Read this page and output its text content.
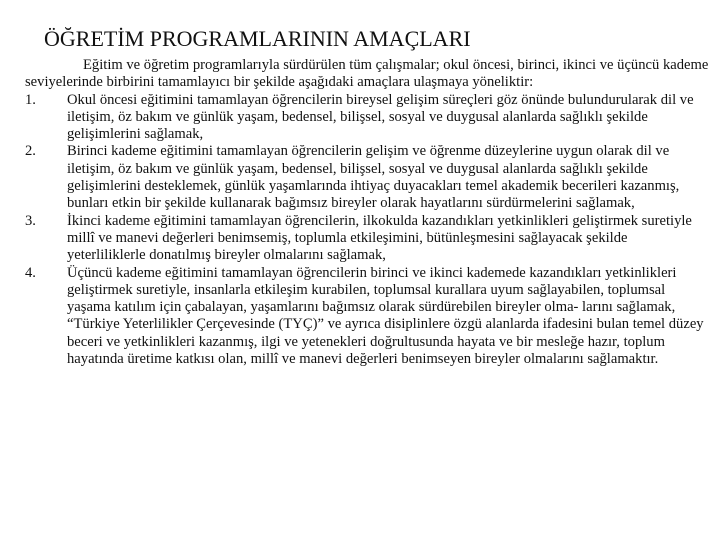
ÖĞRETİM PROGRAMLARININ AMAÇLARI

Eğitim ve öğretim programlarıyla sürdürülen tüm çalışmalar; okul öncesi, birinci, ikinci ve üçüncü kademe seviyelerinde birbirini tamamlayıcı bir şekilde aşağıdaki amaçlara ulaşmaya yöneliktir:

1. Okul öncesi eğitimini tamamlayan öğrencilerin bireysel gelişim süreçleri göz önünde bulundurularak dil ve iletişim, öz bakım ve günlük yaşam, bedensel, bilişsel, sosyal ve duygusal alanlarda sağlıklı şekilde gelişimlerini sağlamak,
2. Birinci kademe eğitimini tamamlayan öğrencilerin gelişim ve öğrenme düzeylerine uygun olarak dil ve iletişim, öz bakım ve günlük yaşam, bedensel, bilişsel, sosyal ve duygusal alanlarda sağlıklı şekilde gelişimlerini desteklemek, günlük yaşamlarında ihtiyaç duyacakları temel akademik becerileri kazanmış, bunları etkin bir şekilde kullanarak bağımsız bireyler olarak hayatlarını sürdürmelerini sağlamak,
3. İkinci kademe eğitimini tamamlayan öğrencilerin, ilkokulda kazandıkları yetkinlikleri geliştirmek suretiyle millî ve manevi değerleri benimsemiş, toplumla etkileşimini, bütünleşmesini sağlayacak şekilde yeterliliklerle donatılmış bireyler olmalarını sağlamak,
4. Üçüncü kademe eğitimini tamamlayan öğrencilerin birinci ve ikinci kademede kazandıkları yetkinlikleri geliştirmek suretiyle, insanlarla etkileşim kurabilen, toplumsal kurallara uyum sağlayabilen, toplumsal yaşama katılım için çabalayan, yaşamlarını bağımsız olarak sürdürebilen bireyler olma- larını sağlamak, “Türkiye Yeterlilikler Çerçevesinde (TYÇ)” ve ayrıca disiplinlere özgü alanlarda ifadesini bulan temel düzey beceri ve yetkinlikleri kazanmış, ilgi ve yetenekleri doğrultusunda hayata ve bir mesleğe hazır, toplum hayatında üretime katkısı olan, millî ve manevi değerleri benimseyen bireyler olmalarını sağlamaktır.
